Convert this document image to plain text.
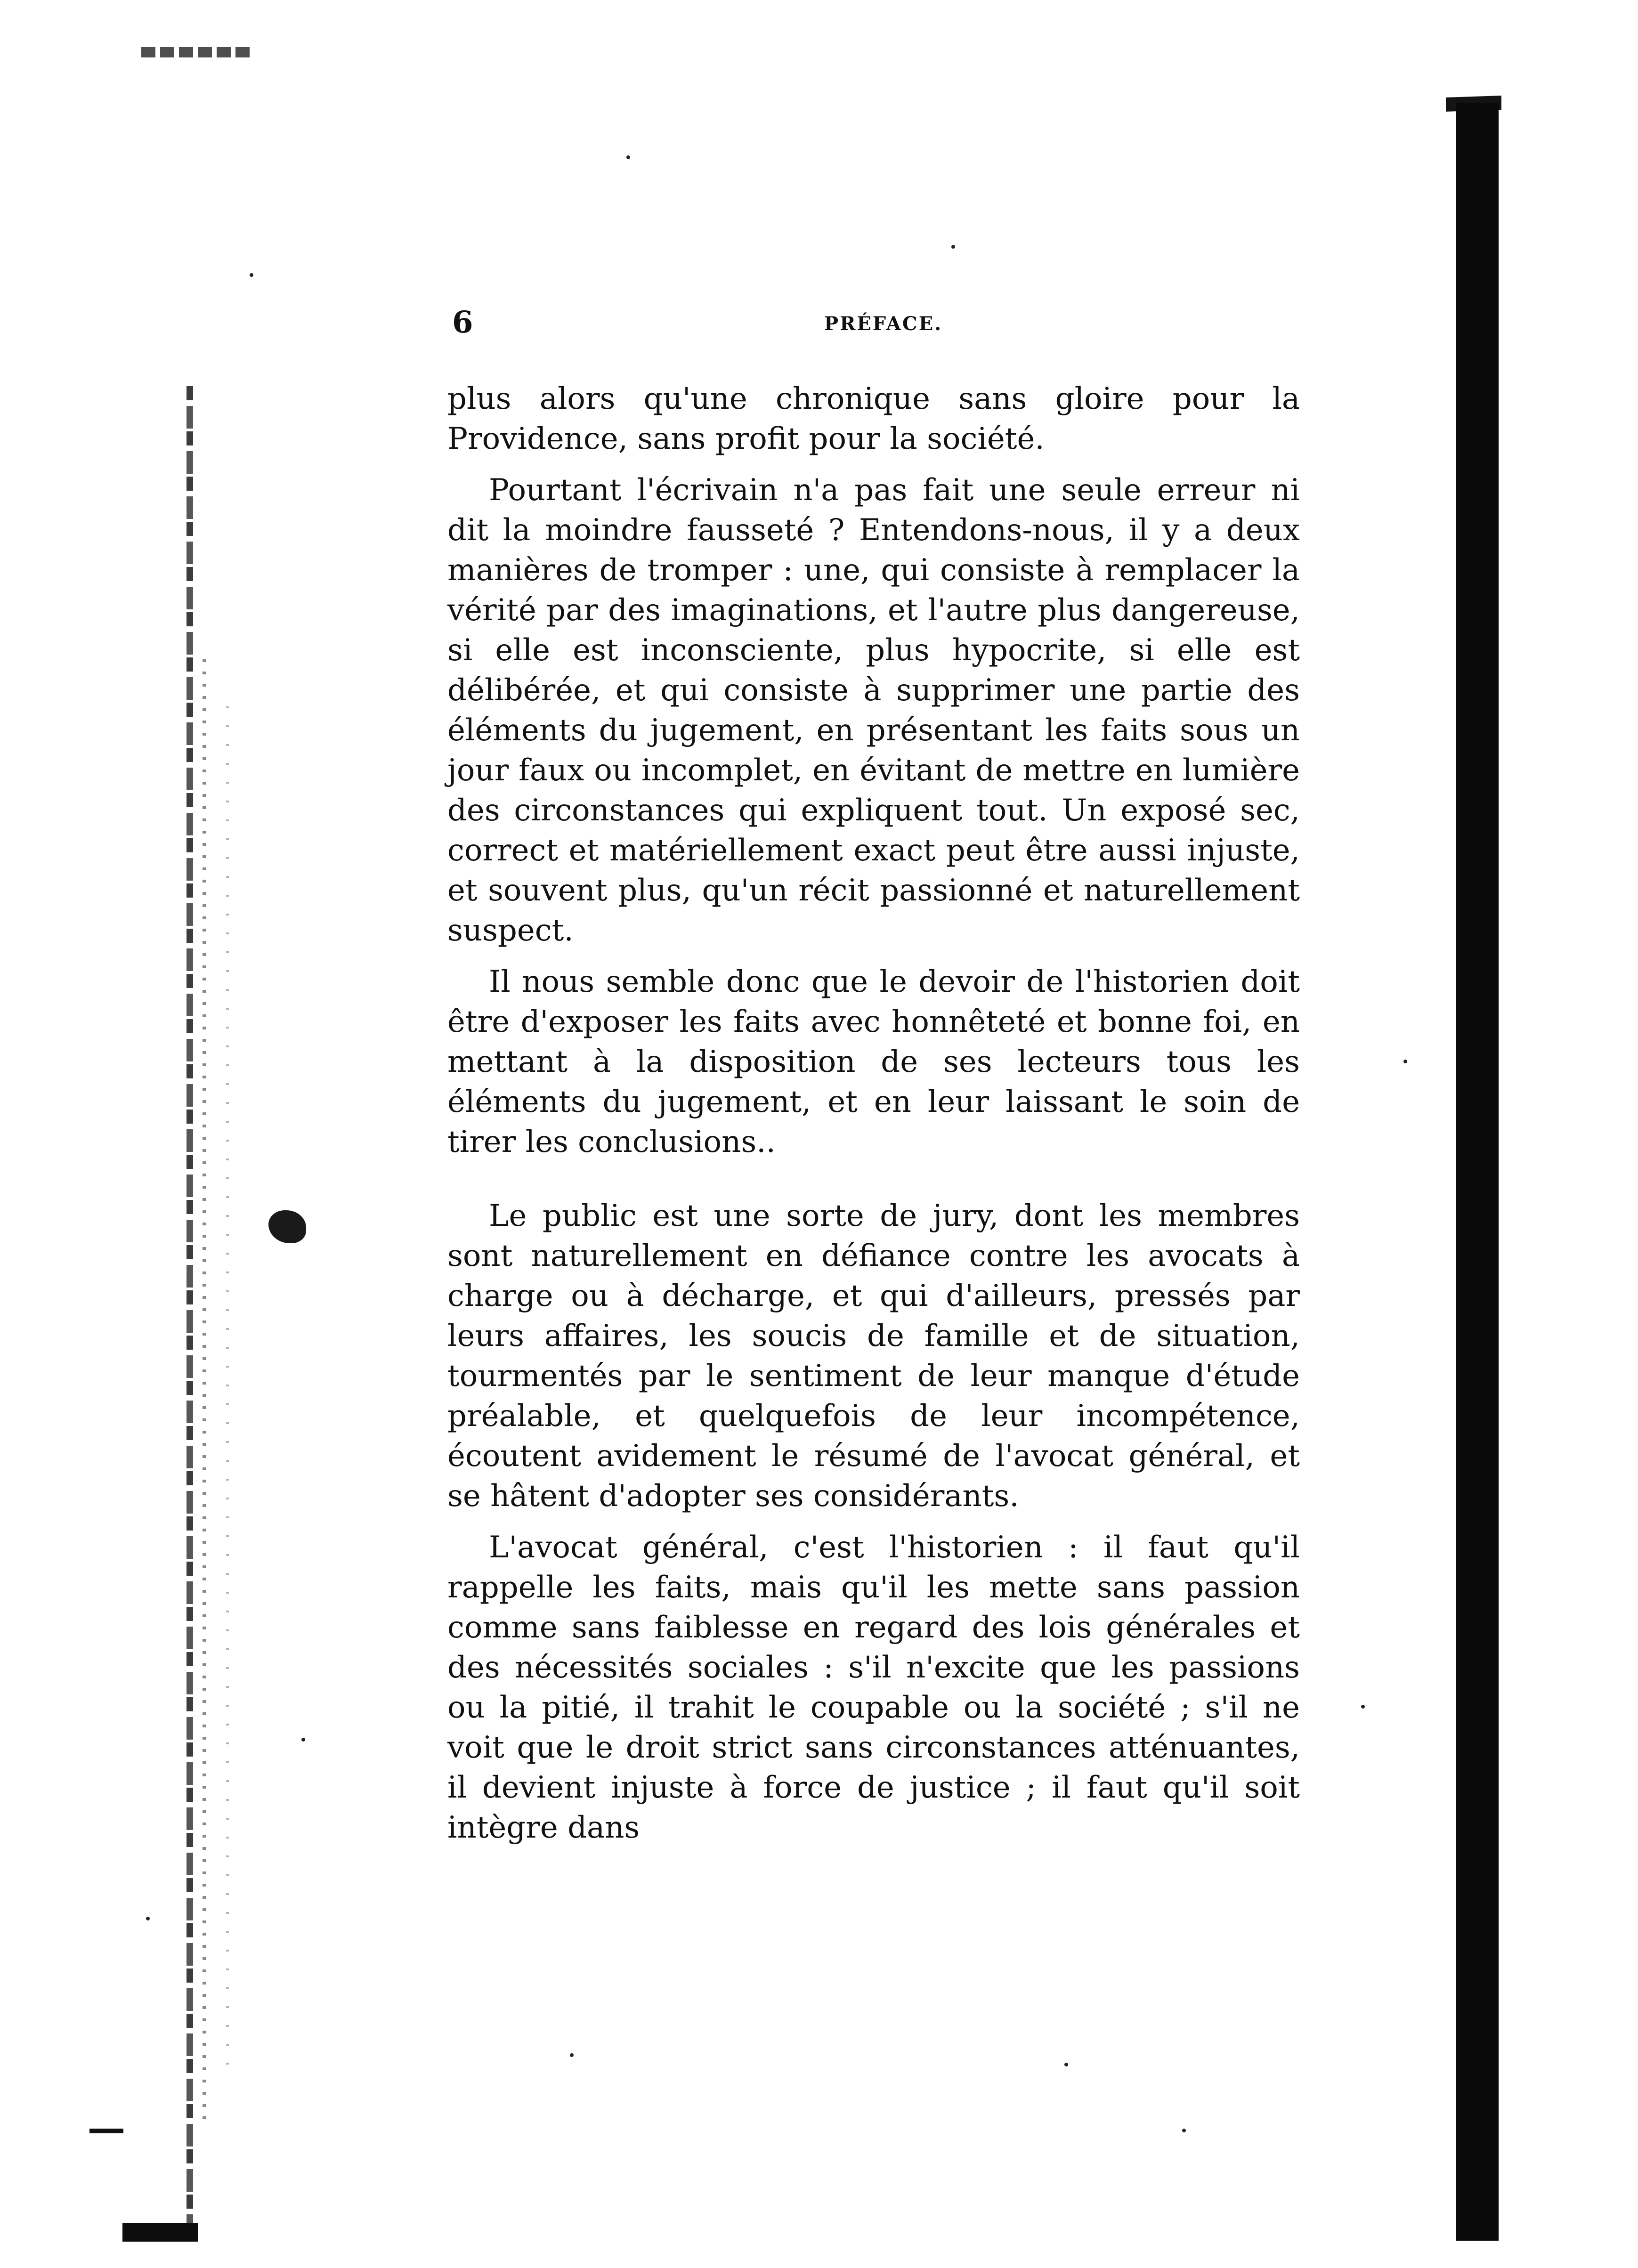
6	PRÉFACE.

plus alors qu'une chronique sans gloire pour la Providence, sans profit pour la société.

Pourtant l'écrivain n'a pas fait une seule erreur ni dit la moindre fausseté ? Entendons-nous, il y a deux manières de tromper : une, qui consiste à remplacer la vérité par des imaginations, et l'autre plus dangereuse, si elle est inconsciente, plus hypocrite, si elle est délibérée, et qui consiste à supprimer une partie des éléments du jugement, en présentant les faits sous un jour faux ou incomplet, en évitant de mettre en lumière des circonstances qui expliquent tout. Un exposé sec, correct et matériellement exact peut être aussi injuste, et souvent plus, qu'un récit passionné et naturellement suspect.

Il nous semble donc que le devoir de l'historien doit être d'exposer les faits avec honnêteté et bonne foi, en mettant à la disposition de ses lecteurs tous les éléments du jugement, et en leur laissant le soin de tirer les conclusions..

Le public est une sorte de jury, dont les membres sont naturellement en défiance contre les avocats à charge ou à décharge, et qui d'ailleurs, pressés par leurs affaires, les soucis de famille et de situation, tourmentés par le sentiment de leur manque d'étude préalable, et quelquefois de leur incompétence, écoutent avidement le résumé de l'avocat général, et se hâtent d'adopter ses considérants.

L'avocat général, c'est l'historien : il faut qu'il rappelle les faits, mais qu'il les mette sans passion comme sans faiblesse en regard des lois générales et des nécessités sociales : s'il n'excite que les passions ou la pitié, il trahit le coupable ou la société ; s'il ne voit que le droit strict sans circonstances atténuantes, il devient injuste à force de justice ; il faut qu'il soit intègre dans
